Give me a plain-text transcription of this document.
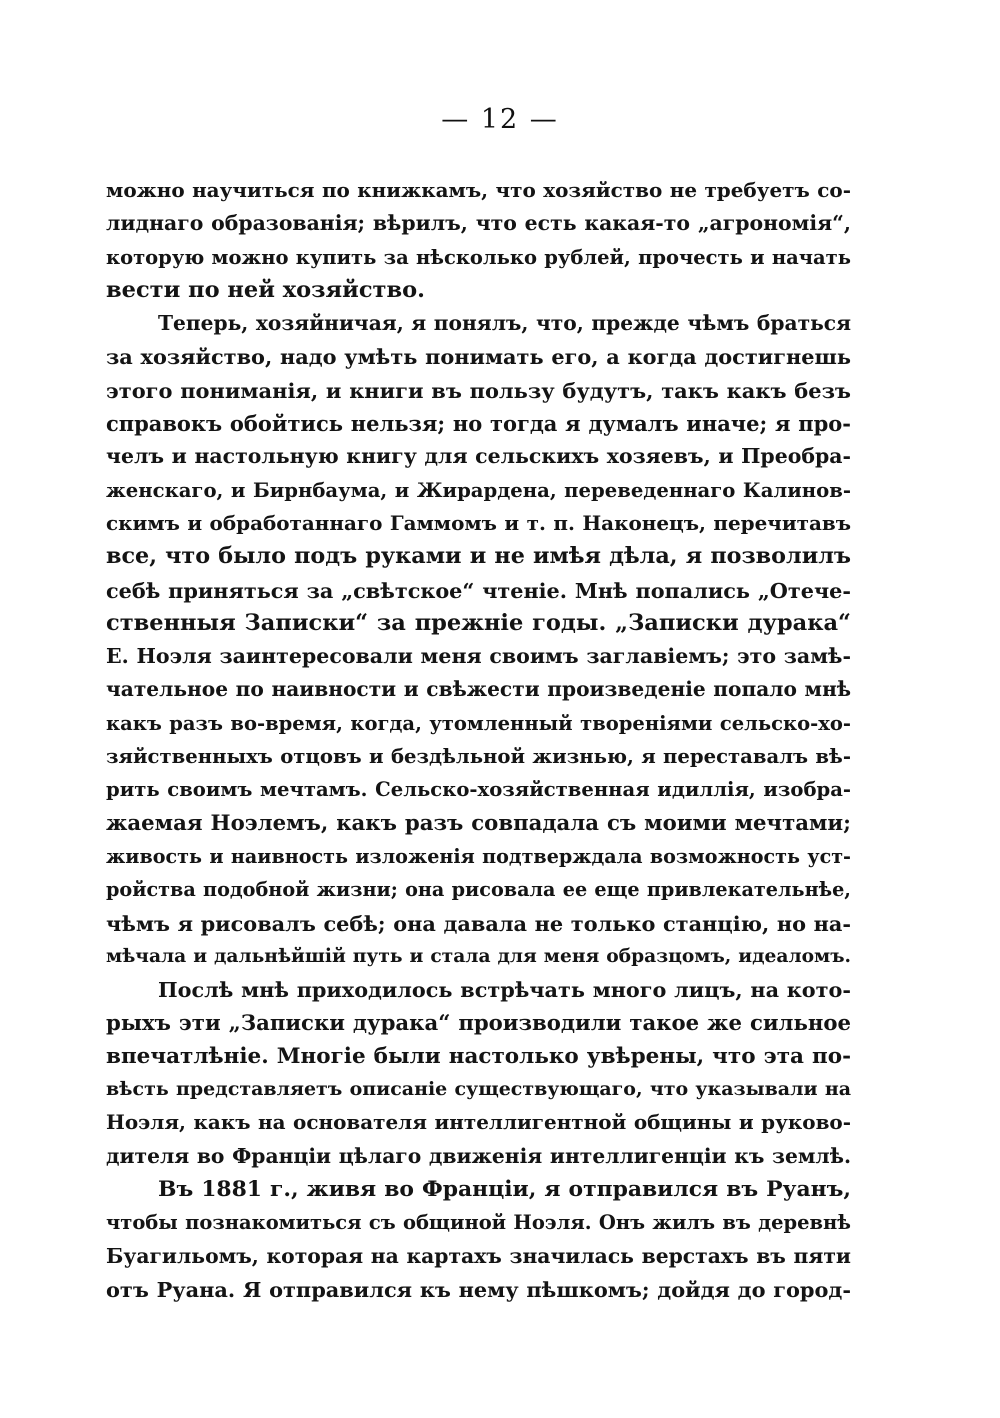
— 12 —
можно научиться по книжкамъ, что хозяйство не требуетъ со-
лиднаго образованія; вѣрилъ, что есть какая-то „агрономія“,
которую можно купить за нѣсколько рублей, прочесть и начать
вести по ней хозяйство.
Теперь, хозяйничая, я понялъ, что, прежде чѣмъ браться
за хозяйство, надо умѣть понимать его, а когда достигнешь
этого пониманія, и книги въ пользу будутъ, такъ какъ безъ
справокъ обойтись нельзя; но тогда я думалъ иначе; я про-
челъ и настольную книгу для сельскихъ хозяевъ, и Преобра-
женскаго, и Бирнбаума, и Жирардена, переведеннаго Калинов-
скимъ и обработаннаго Гаммомъ и т. п. Наконецъ, перечитавъ
все, что было подъ руками и не имѣя дѣла, я позволилъ
себѣ приняться за „свѣтское“ чтеніе. Мнѣ попались „Отече-
ственныя Записки“ за прежніе годы. „Записки дурака“
Е. Ноэля заинтересовали меня своимъ заглавіемъ; это замѣ-
чательное по наивности и свѣжести произведеніе попало мнѣ
какъ разъ во-время, когда, утомленный твореніями сельско-хо-
зяйственныхъ отцовъ и бездѣльной жизнью, я переставалъ вѣ-
рить своимъ мечтамъ. Сельско-хозяйственная идиллія, изобра-
жаемая Ноэлемъ, какъ разъ совпадала съ моими мечтами;
живость и наивность изложенія подтверждала возможность уст-
ройства подобной жизни; она рисовала ее еще привлекательнѣе,
чѣмъ я рисовалъ себѣ; она давала не только станцію, но на-
мѣчала и дальнѣйшій путь и стала для меня образцомъ, идеаломъ.
Послѣ мнѣ приходилось встрѣчать много лицъ, на кото-
рыхъ эти „Записки дурака“ производили такое же сильное
впечатлѣніе. Многіе были настолько увѣрены, что эта по-
вѣсть представляетъ описаніе существующаго, что указывали на
Ноэля, какъ на основателя интеллигентной общины и руково-
дителя во Франціи цѣлаго движенія интеллигенціи къ землѣ.
Въ 1881 г., живя во Франціи, я отправился въ Руанъ,
чтобы познакомиться съ общиной Ноэля. Онъ жилъ въ деревнѣ
Буагильомъ, которая на картахъ значилась верстахъ въ пяти
отъ Руана. Я отправился къ нему пѣшкомъ; дойдя до город-
